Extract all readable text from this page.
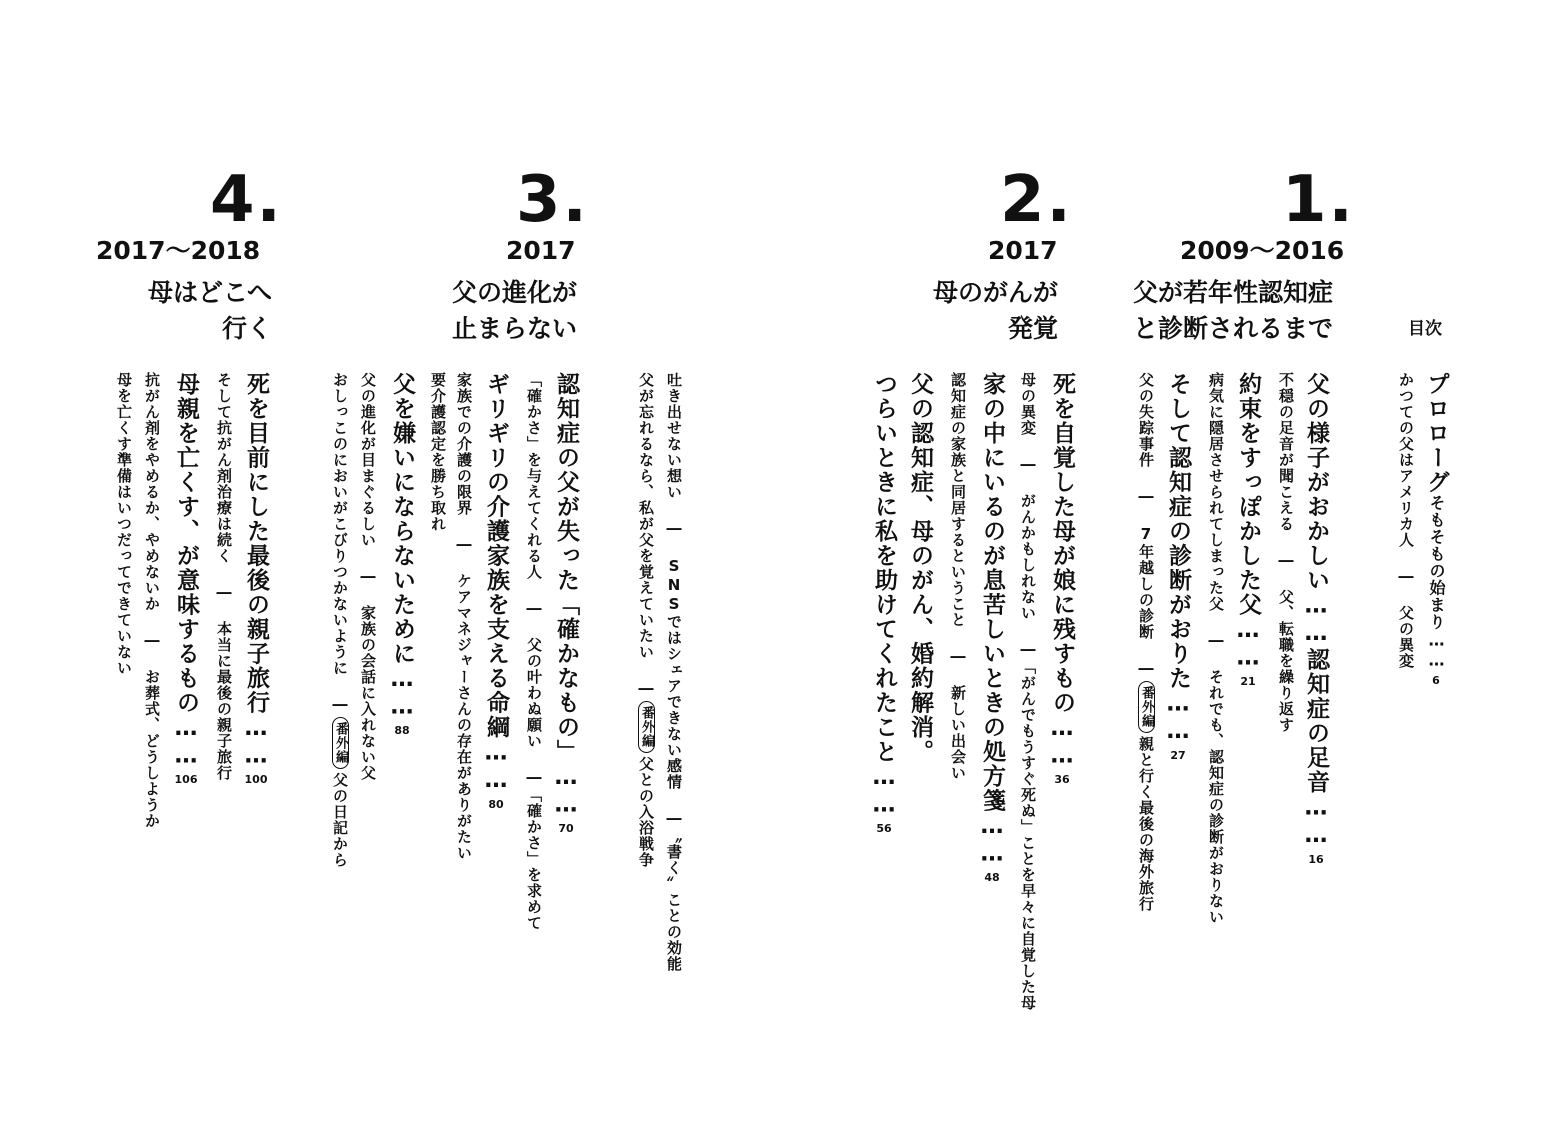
1.
2009〜2016
父が若年性認知症
と診断されるまで
2.
2017
母のがんが
発覚
3.
2017
父の進化が
止まらない
4.
2017〜2018
母はどこへ
行く	目次
プロローグそもそもの始まり……6
かつての父はアメリカ人 ― 父の異変
父の様子がおかしい……認知症の足音……16
不穏の足音が聞こえる ― 父、転職を繰り返す
約束をすっぽかした父……21
病気に隠居させられてしまった父 ― それでも、認知症の診断がおりない
そして認知症の診断がおりた……27
父の失踪事件 ― 7年越しの診断 ―番外編親と行く最後の海外旅行
死を自覚した母が娘に残すもの……36
母の異変 ― がんかもしれない ―「がんでもうすぐ死ぬ」ことを早々に自覚した母
家の中にいるのが息苦しいときの処方箋……48
認知症の家族と同居するということ ― 新しい出会い
父の認知症、母のがん、婚約解消。
つらいときに私を助けてくれたこと……56
吐き出せない想い ― SNSではシェアできない感情 ―〝書く〟ことの効能
父が忘れるなら、私が父を覚えていたい ―番外編父との入浴戦争
認知症の父が失った「確かなもの」……70
「確かさ」を与えてくれる人 ― 父の叶わぬ願い ―「確かさ」を求めて
ギリギリの介護家族を支える命綱……80
家族での介護の限界 ― ケアマネジャーさんの存在がありがたい
要介護認定を勝ち取れ
父を嫌いにならないために……88
父の進化が目まぐるしい ― 家族の会話に入れない父
おしっこのにおいがこびりつかないように ―番外編父の日記から
死を目前にした最後の親子旅行……100
そして抗がん剤治療は続く ― 本当に最後の親子旅行
母親を亡くす、が意味するもの……106
抗がん剤をやめるか、やめないか ― お葬式、どうしようか
母を亡くす準備はいつだってできていない
